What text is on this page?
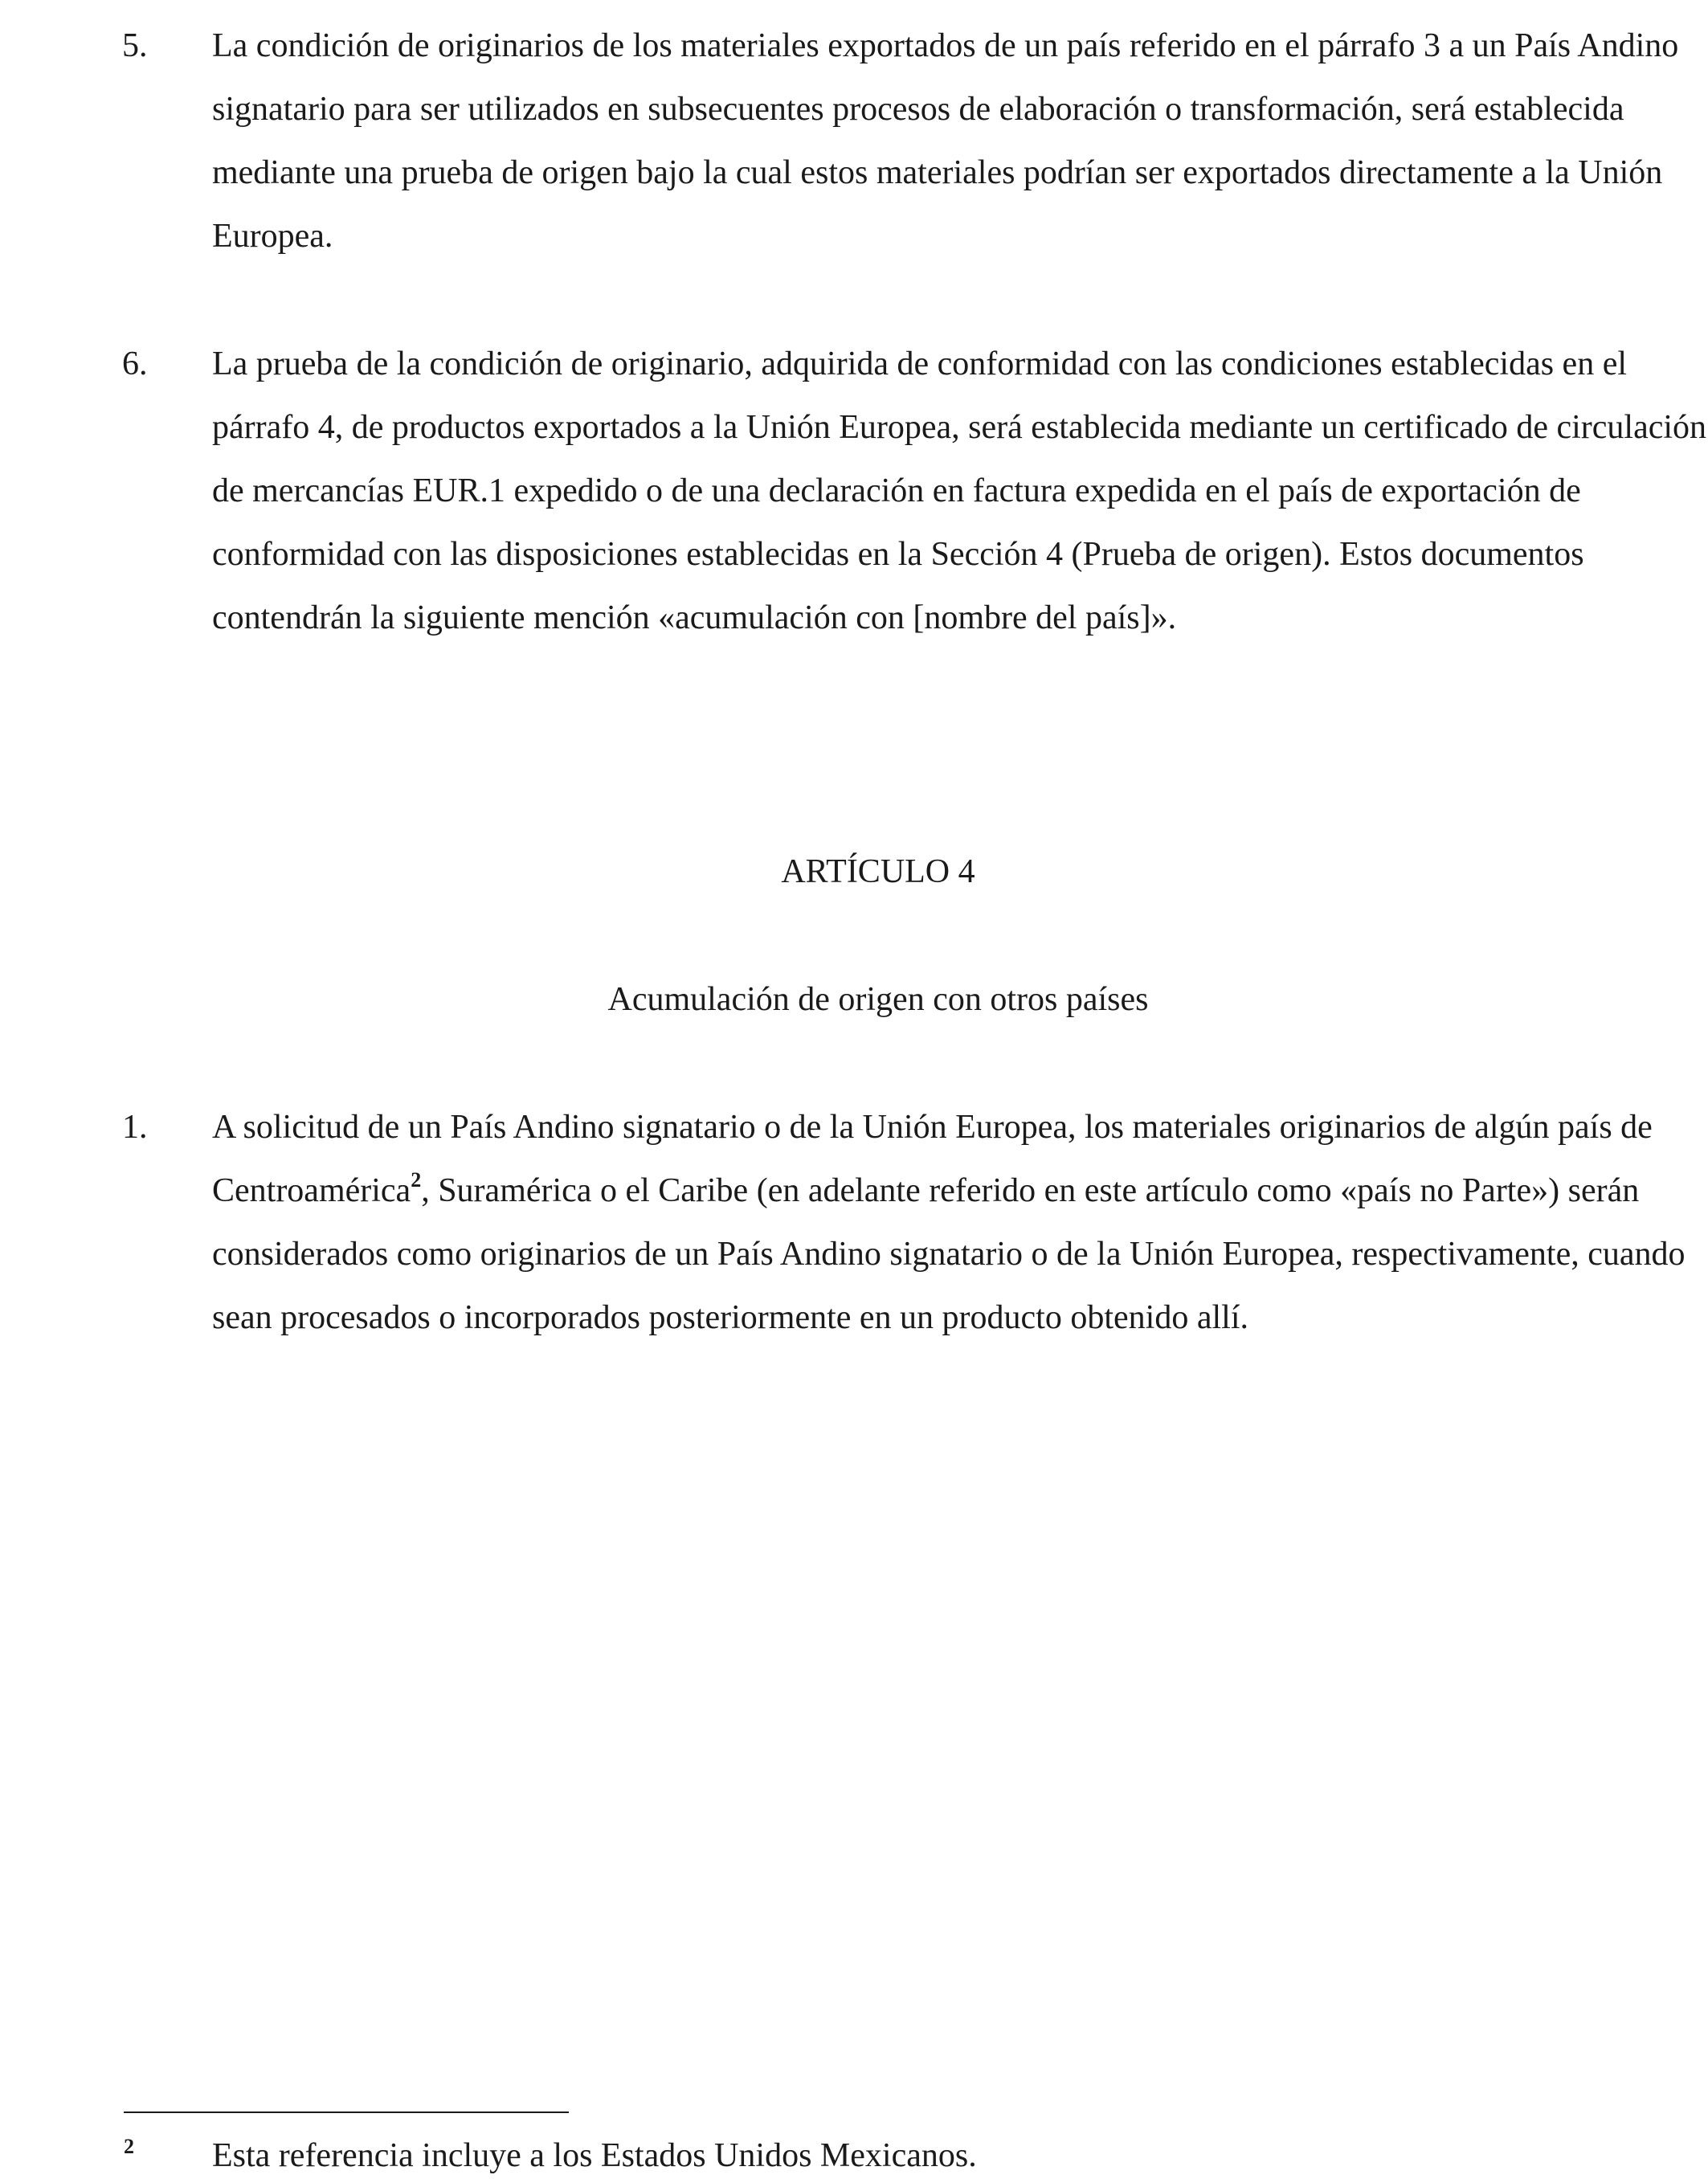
5.	La condición de originarios de los materiales exportados de un país referido en el párrafo 3 a un País Andino signatario para ser utilizados en subsecuentes procesos de elaboración o transformación, será establecida mediante una prueba de origen bajo la cual estos materiales podrían ser exportados directamente a la Unión Europea.
6.	La prueba de la condición de originario, adquirida de conformidad con las condiciones establecidas en el párrafo 4, de productos exportados a la Unión Europea, será establecida mediante un certificado de circulación de mercancías EUR.1 expedido o de una declaración en factura expedida en el país de exportación de conformidad con las disposiciones establecidas en la Sección 4 (Prueba de origen). Estos documentos contendrán la siguiente mención «acumulación con [nombre del país]».
ARTÍCULO 4
Acumulación de origen con otros países
1.	A solicitud de un País Andino signatario o de la Unión Europea, los materiales originarios de algún país de Centroamérica$^2$, Suramérica o el Caribe (en adelante referido en este artículo como «país no Parte») serán considerados como originarios de un País Andino signatario o de la Unión Europea, respectivamente, cuando sean procesados o incorporados posteriormente en un producto obtenido allí.
2 Esta referencia incluye a los Estados Unidos Mexicanos.
